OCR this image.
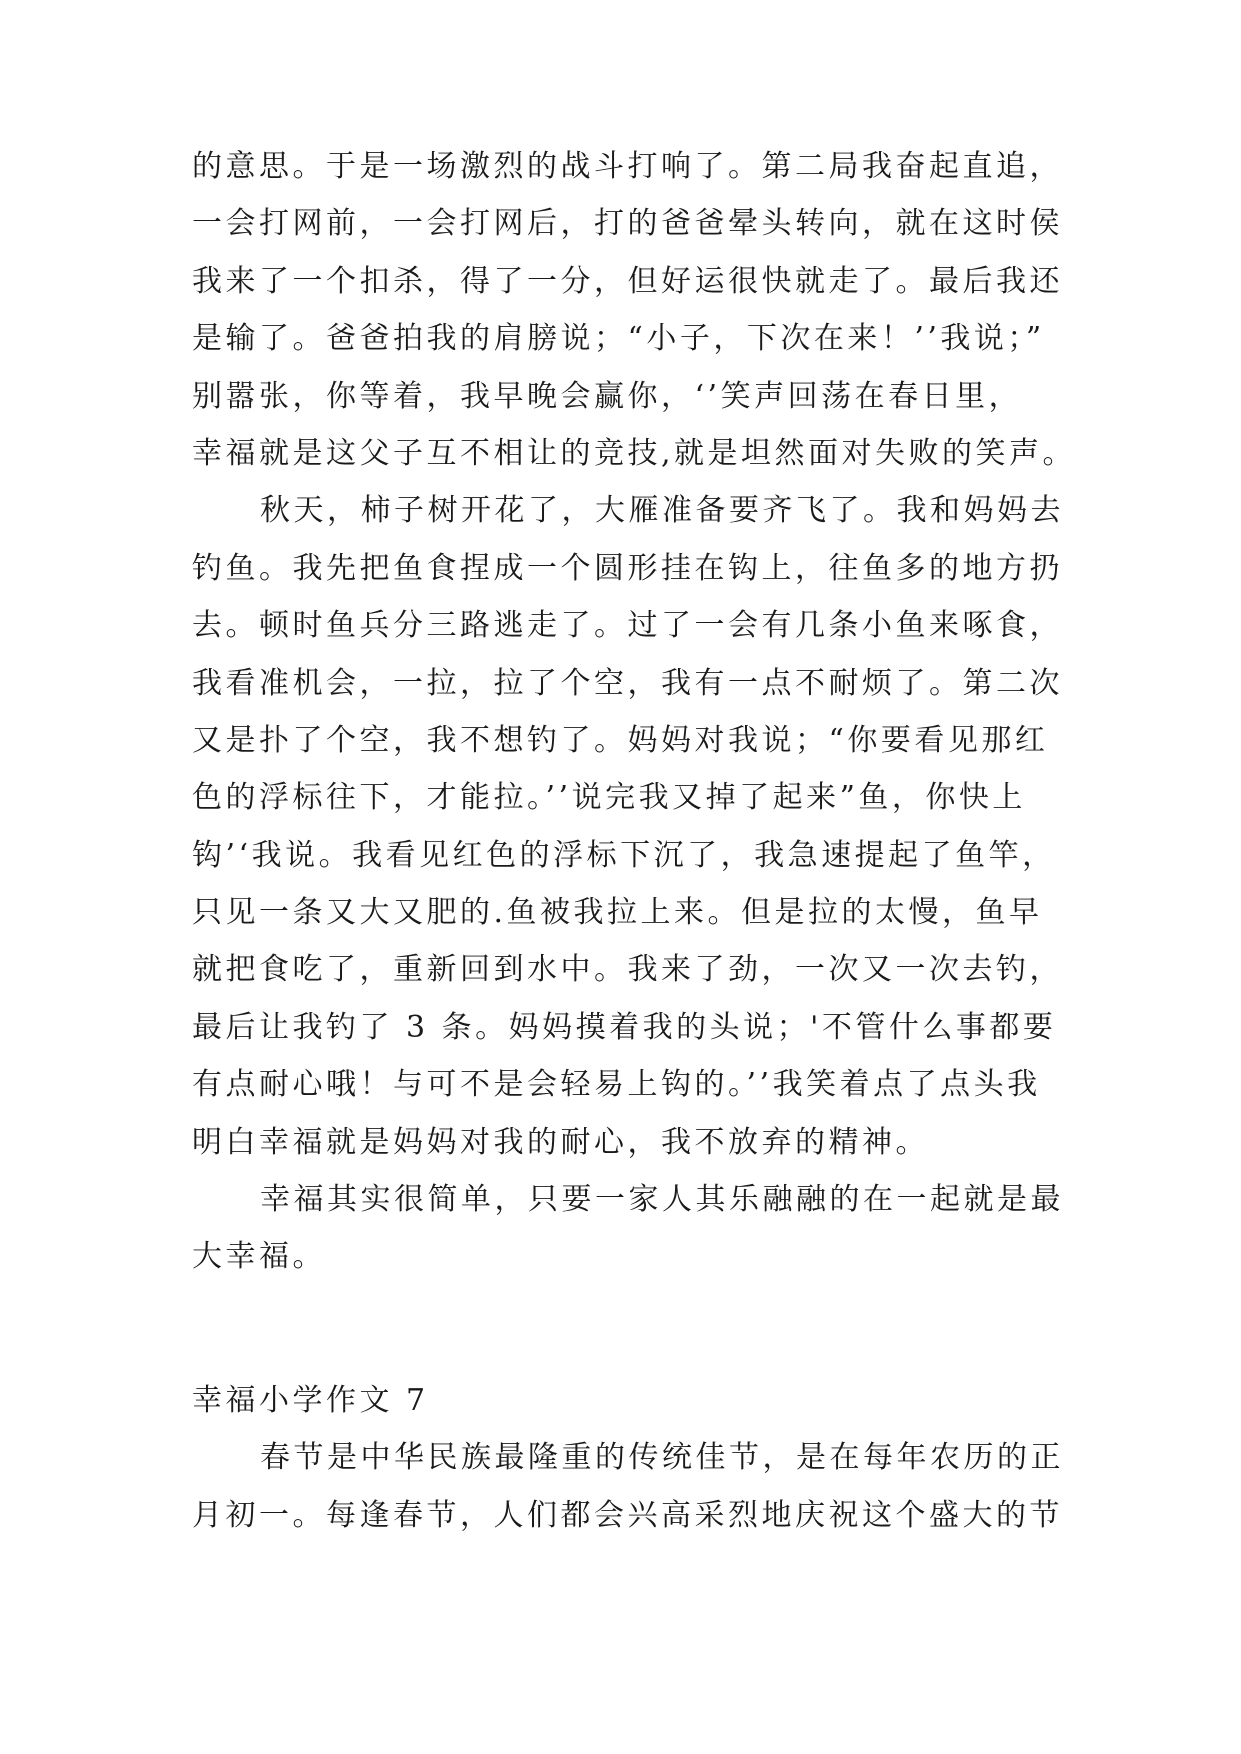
的意思。于是一场激烈的战斗打响了。第二局我奋起直追，
一会打网前，一会打网后，打的爸爸晕头转向，就在这时侯
我来了一个扣杀，得了一分，但好运很快就走了。最后我还
是输了。爸爸拍我的肩膀说；“小子，下次在来！’’我说；”
别嚣张，你等着，我早晚会赢你，‘’笑声回荡在春日里，
幸福就是这父子互不相让的竞技,就是坦然面对失败的笑声。
秋天，柿子树开花了，大雁准备要齐飞了。我和妈妈去
钓鱼。我先把鱼食捏成一个圆形挂在钩上，往鱼多的地方扔
去。顿时鱼兵分三路逃走了。过了一会有几条小鱼来啄食，
我看准机会，一拉，拉了个空，我有一点不耐烦了。第二次
又是扑了个空，我不想钓了。妈妈对我说；“你要看见那红
色的浮标往下，才能拉。’’说完我又掉了起来”鱼，你快上
钩’‘我说。我看见红色的浮标下沉了，我急速提起了鱼竿，
只见一条又大又肥的.鱼被我拉上来。但是拉的太慢，鱼早
就把食吃了，重新回到水中。我来了劲，一次又一次去钓，
最后让我钓了 3 条。妈妈摸着我的头说；'不管什么事都要
有点耐心哦！与可不是会轻易上钩的。’’我笑着点了点头我
明白幸福就是妈妈对我的耐心，我不放弃的精神。
幸福其实很简单，只要一家人其乐融融的在一起就是最
大幸福。
幸福小学作文 7
春节是中华民族最隆重的传统佳节，是在每年农历的正
月初一。每逢春节，人们都会兴高采烈地庆祝这个盛大的节
